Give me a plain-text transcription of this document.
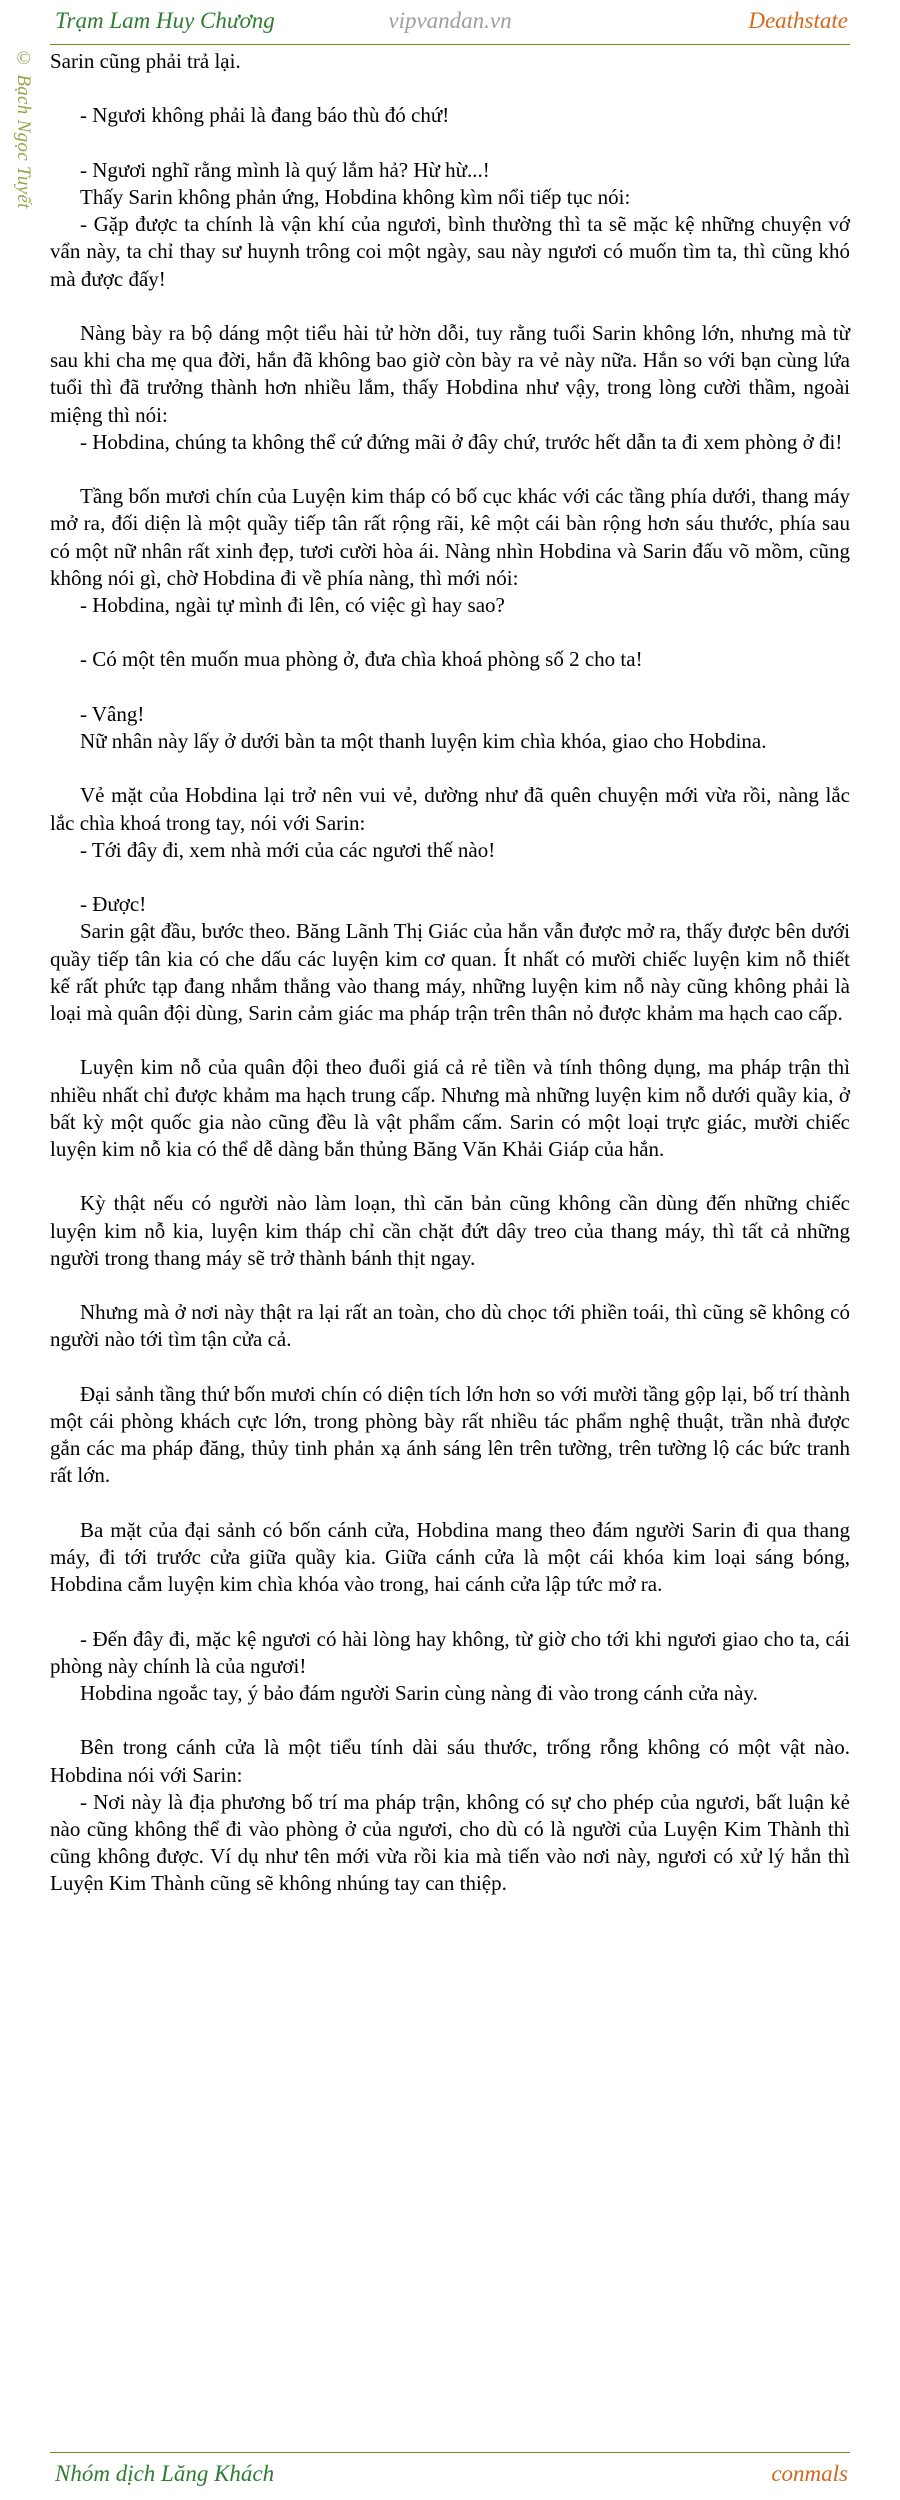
Trạm Lam Huy Chương	vipvandan.vn	Deathstate
© Bạch Ngọc Tuyết Sarin cũng phải trả lại.

- Ngươi không phải là đang báo thù đó chứ!

- Ngươi nghĩ rằng mình là quý lắm hả? Hừ hừ...!

Thấy Sarin không phản ứng, Hobdina không kìm nổi tiếp tục nói:

- Gặp được ta chính là vận khí của ngươi, bình thường thì ta sẽ mặc kệ những chuyện vớ vẩn này, ta chỉ thay sư huynh trông coi một ngày, sau này ngươi có muốn tìm ta, thì cũng khó mà được đấy!

Nàng bày ra bộ dáng một tiểu hài tử hờn dỗi, tuy rằng tuổi Sarin không lớn, nhưng mà từ sau khi cha mẹ qua đời, hắn đã không bao giờ còn bày ra vẻ này nữa. Hắn so với bạn cùng lứa tuổi thì đã trưởng thành hơn nhiều lắm, thấy Hobdina như vậy, trong lòng cười thầm, ngoài miệng thì nói:

- Hobdina, chúng ta không thể cứ đứng mãi ở đây chứ, trước hết dẫn ta đi xem phòng ở đi!

Tầng bốn mươi chín của Luyện kim tháp có bố cục khác với các tầng phía dưới, thang máy mở ra, đối diện là một quầy tiếp tân rất rộng rãi, kê một cái bàn rộng hơn sáu thước, phía sau có một nữ nhân rất xinh đẹp, tươi cười hòa ái. Nàng nhìn Hobdina và Sarin đấu võ mồm, cũng không nói gì, chờ Hobdina đi về phía nàng, thì mới nói:

- Hobdina, ngài tự mình đi lên, có việc gì hay sao?

- Có một tên muốn mua phòng ở, đưa chìa khoá phòng số 2 cho ta!

- Vâng!

Nữ nhân này lấy ở dưới bàn ta một thanh luyện kim chìa khóa, giao cho Hobdina.

Vẻ mặt của Hobdina lại trở nên vui vẻ, dường như đã quên chuyện mới vừa rồi, nàng lắc lắc chìa khoá trong tay, nói với Sarin:

- Tới đây đi, xem nhà mới của các ngươi thế nào!

- Được!

Sarin gật đầu, bước theo. Băng Lãnh Thị Giác của hắn vẫn được mở ra, thấy được bên dưới quầy tiếp tân kia có che dấu các luyện kim cơ quan. Ít nhất có mười chiếc luyện kim nỗ thiết kế rất phức tạp đang nhắm thẳng vào thang máy, những luyện kim nỗ này cũng không phải là loại mà quân đội dùng, Sarin cảm giác ma pháp trận trên thân nỏ được khảm ma hạch cao cấp.

Luyện kim nỗ của quân đội theo đuổi giá cả rẻ tiền và tính thông dụng, ma pháp trận thì nhiều nhất chỉ được khảm ma hạch trung cấp. Nhưng mà những luyện kim nỗ dưới quầy kia, ở bất kỳ một quốc gia nào cũng đều là vật phẩm cấm. Sarin có một loại trực giác, mười chiếc luyện kim nỗ kia có thể dễ dàng bắn thủng Băng Văn Khải Giáp của hắn.

Kỳ thật nếu có người nào làm loạn, thì căn bản cũng không cần dùng đến những chiếc luyện kim nỗ kia, luyện kim tháp chỉ cần chặt đứt dây treo của thang máy, thì tất cả những người trong thang máy sẽ trở thành bánh thịt ngay.

Nhưng mà ở nơi này thật ra lại rất an toàn, cho dù chọc tới phiền toái, thì cũng sẽ không có người nào tới tìm tận cửa cả.

Đại sảnh tầng thứ bốn mươi chín có diện tích lớn hơn so với mười tầng gộp lại, bố trí thành một cái phòng khách cực lớn, trong phòng bày rất nhiều tác phẩm nghệ thuật, trần nhà được gắn các ma pháp đăng, thủy tinh phản xạ ánh sáng lên trên tường, trên tường lộ các bức tranh rất lớn.

Ba mặt của đại sảnh có bốn cánh cửa, Hobdina mang theo đám người Sarin đi qua thang máy, đi tới trước cửa giữa quầy kia. Giữa cánh cửa là một cái khóa kim loại sáng bóng, Hobdina cắm luyện kim chìa khóa vào trong, hai cánh cửa lập tức mở ra.

- Đến đây đi, mặc kệ ngươi có hài lòng hay không, từ giờ cho tới khi ngươi giao cho ta, cái phòng này chính là của ngươi!

Hobdina ngoắc tay, ý bảo đám người Sarin cùng nàng đi vào trong cánh cửa này.

Bên trong cánh cửa là một tiểu tính dài sáu thước, trống rỗng không có một vật nào. Hobdina nói với Sarin:

- Nơi này là địa phương bố trí ma pháp trận, không có sự cho phép của ngươi, bất luận kẻ nào cũng không thể đi vào phòng ở của ngươi, cho dù có là người của Luyện Kim Thành thì cũng không được. Ví dụ như tên mới vừa rồi kia mà tiến vào nơi này, ngươi có xử lý hắn thì Luyện Kim Thành cũng sẽ không nhúng tay can thiệp.

Nhóm dịch Lăng Khách	conmals
